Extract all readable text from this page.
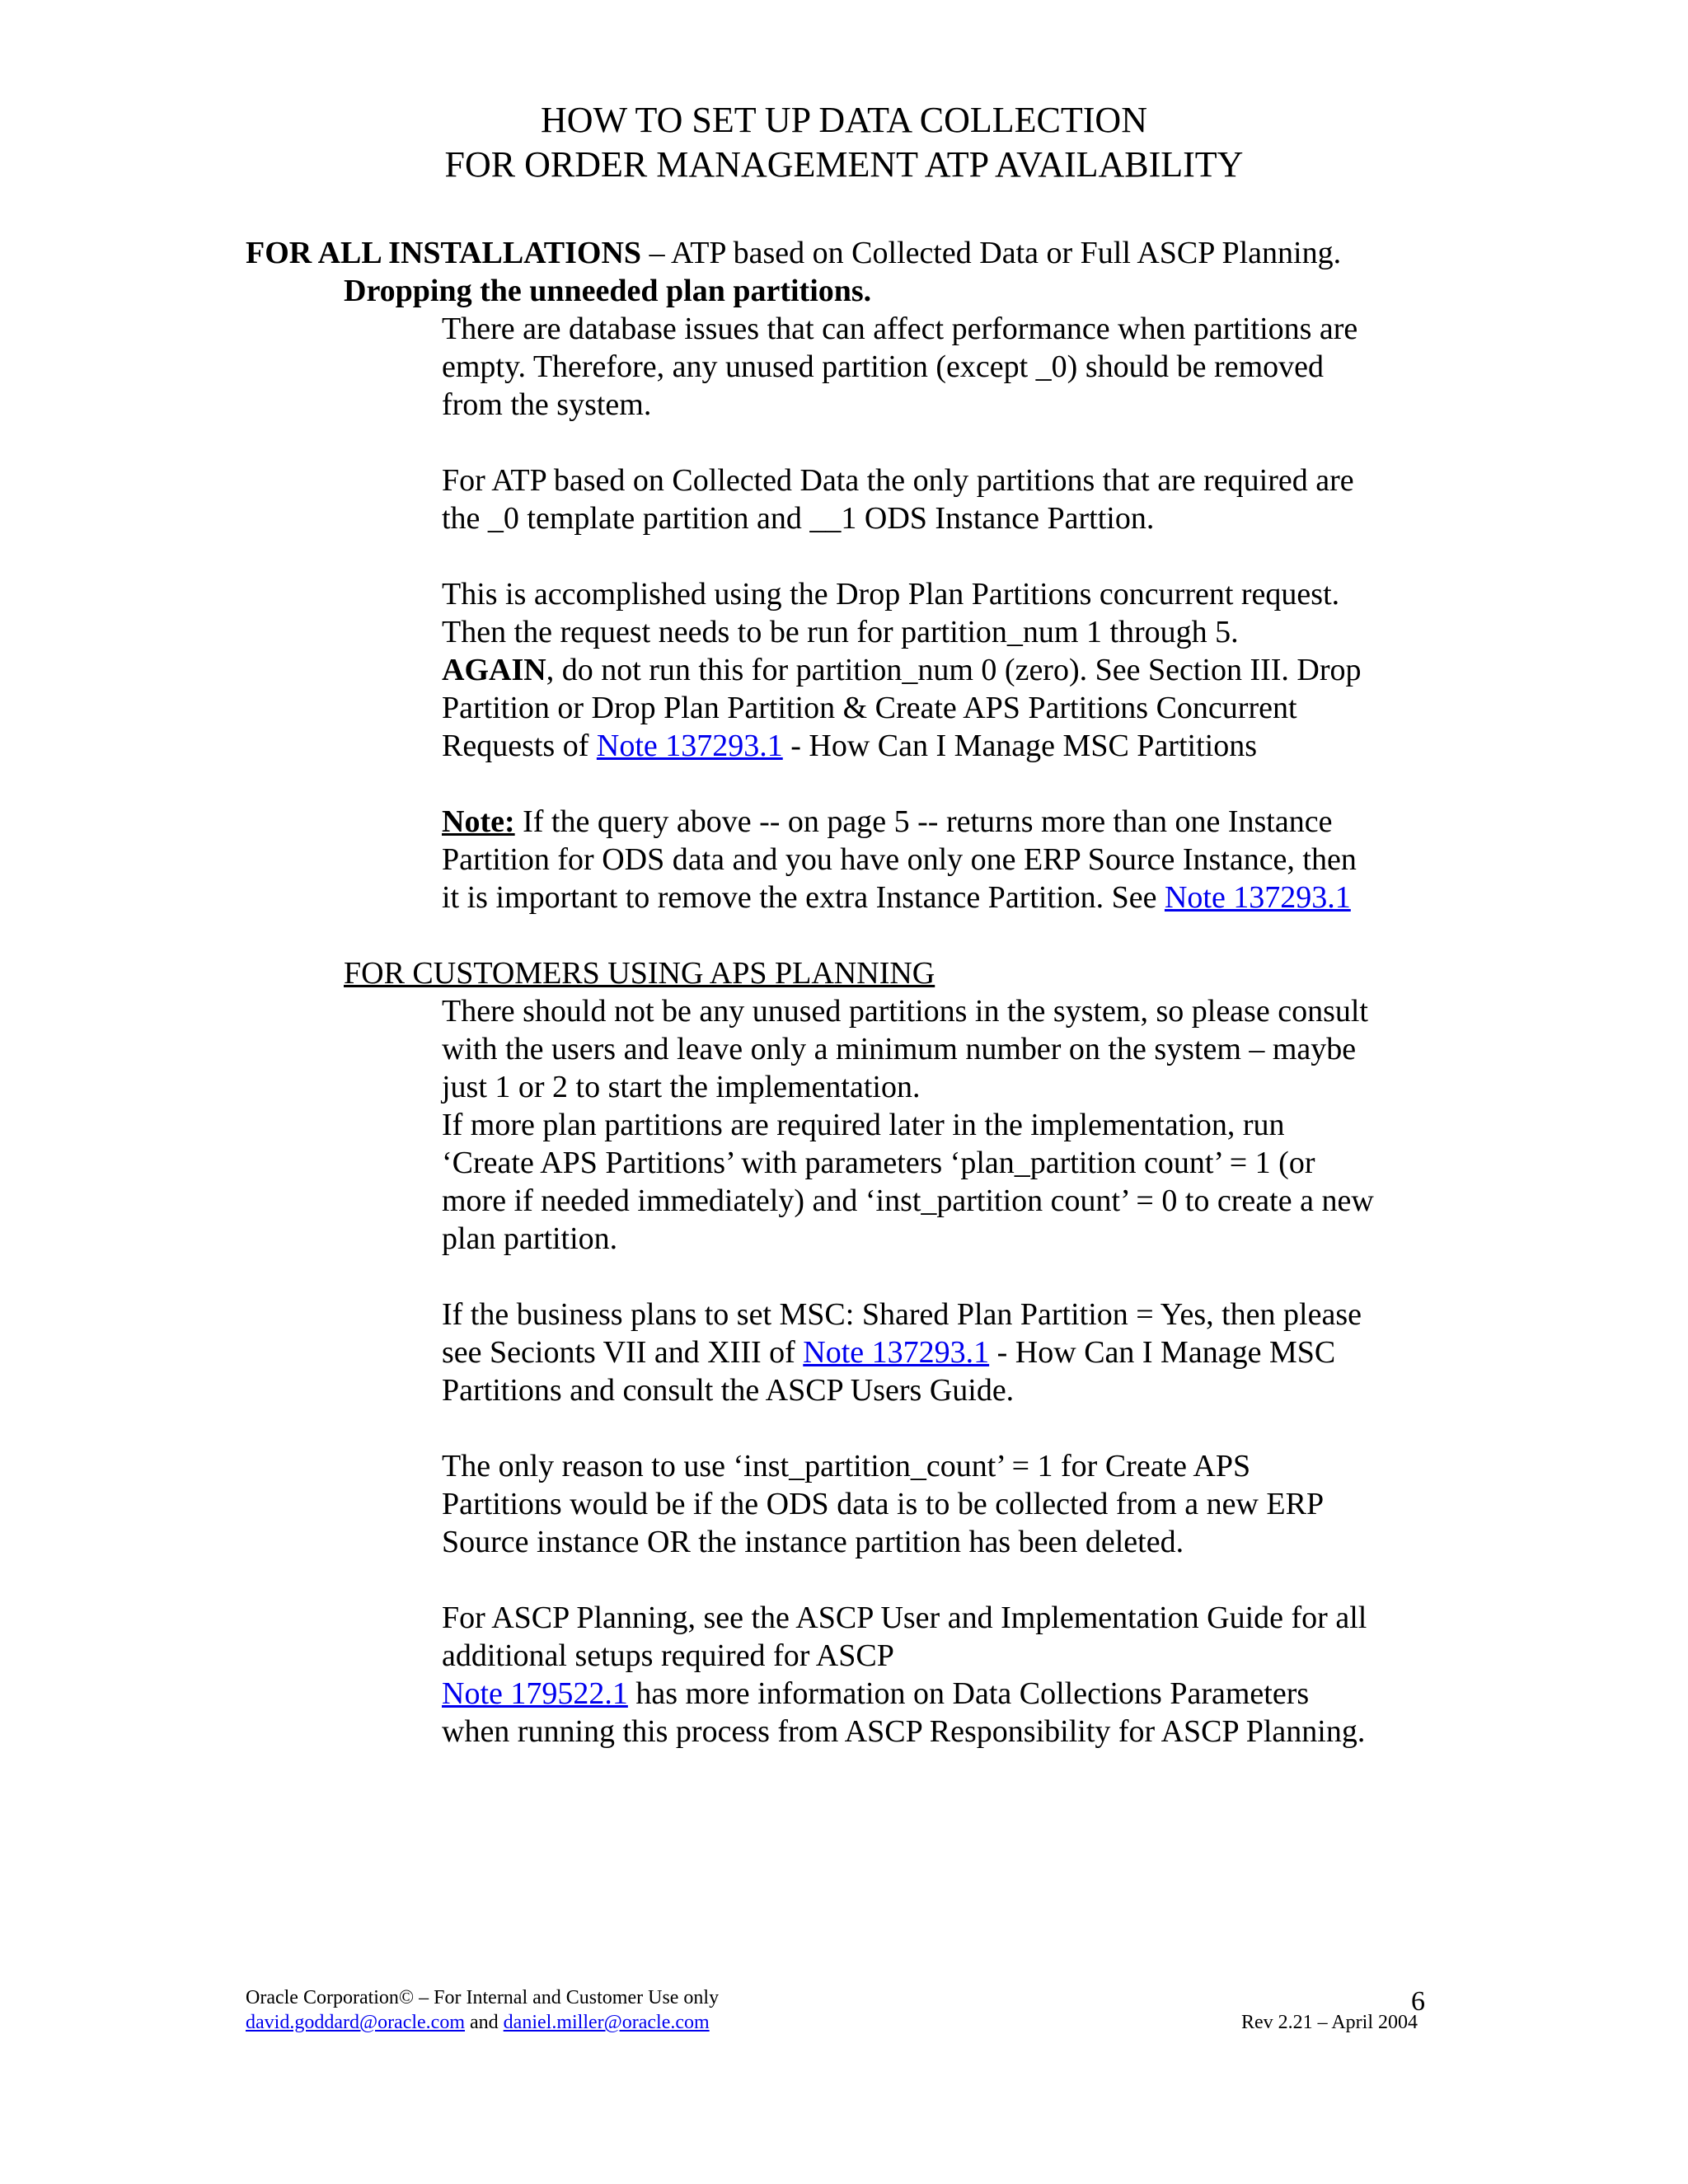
HOW TO SET UP DATA COLLECTION
FOR ORDER MANAGEMENT ATP AVAILABILITY
FOR ALL INSTALLATIONS – ATP based on Collected Data or Full ASCP Planning.
Dropping the unneeded plan partitions.
There are database issues that can affect performance when partitions are
empty. Therefore, any unused partition (except _0) should be removed
from the system.
For ATP based on Collected Data the only partitions that are required are
the _0 template partition and __1 ODS Instance Parttion.
This is accomplished using the Drop Plan Partitions concurrent request.
Then the request needs to be run for partition_num 1 through 5.
AGAIN, do not run this for partition_num 0 (zero). See Section III. Drop
Partition or Drop Plan Partition & Create APS Partitions Concurrent
Requests of Note 137293.1 - How Can I Manage MSC Partitions
Note: If the query above -- on page 5 -- returns more than one Instance
Partition for ODS data and you have only one ERP Source Instance, then
it is important to remove the extra Instance Partition. See Note 137293.1
FOR CUSTOMERS USING APS PLANNING
There should not be any unused partitions in the system, so please consult
with the users and leave only a minimum number on the system – maybe
just 1 or 2 to start the implementation.
If more plan partitions are required later in the implementation, run
‘Create APS Partitions’ with parameters ‘plan_partition count’ = 1 (or
more if needed immediately) and ‘inst_partition count’ = 0 to create a new
plan partition.
If the business plans to set MSC: Shared Plan Partition = Yes, then please
see Secionts VII and XIII of Note 137293.1 - How Can I Manage MSC
Partitions and consult the ASCP Users Guide.
The only reason to use ‘inst_partition_count’ = 1 for Create APS
Partitions would be if the ODS data is to be collected from a new ERP
Source instance OR the instance partition has been deleted.
For ASCP Planning, see the ASCP User and Implementation Guide for all
additional setups required for ASCP
Note 179522.1 has more information on Data Collections Parameters
when running this process from ASCP Responsibility for ASCP Planning.
Oracle Corporation© – For Internal and Customer Use only
david.goddard@oracle.com and daniel.miller@oracle.com
6
Rev 2.21 – April 2004
